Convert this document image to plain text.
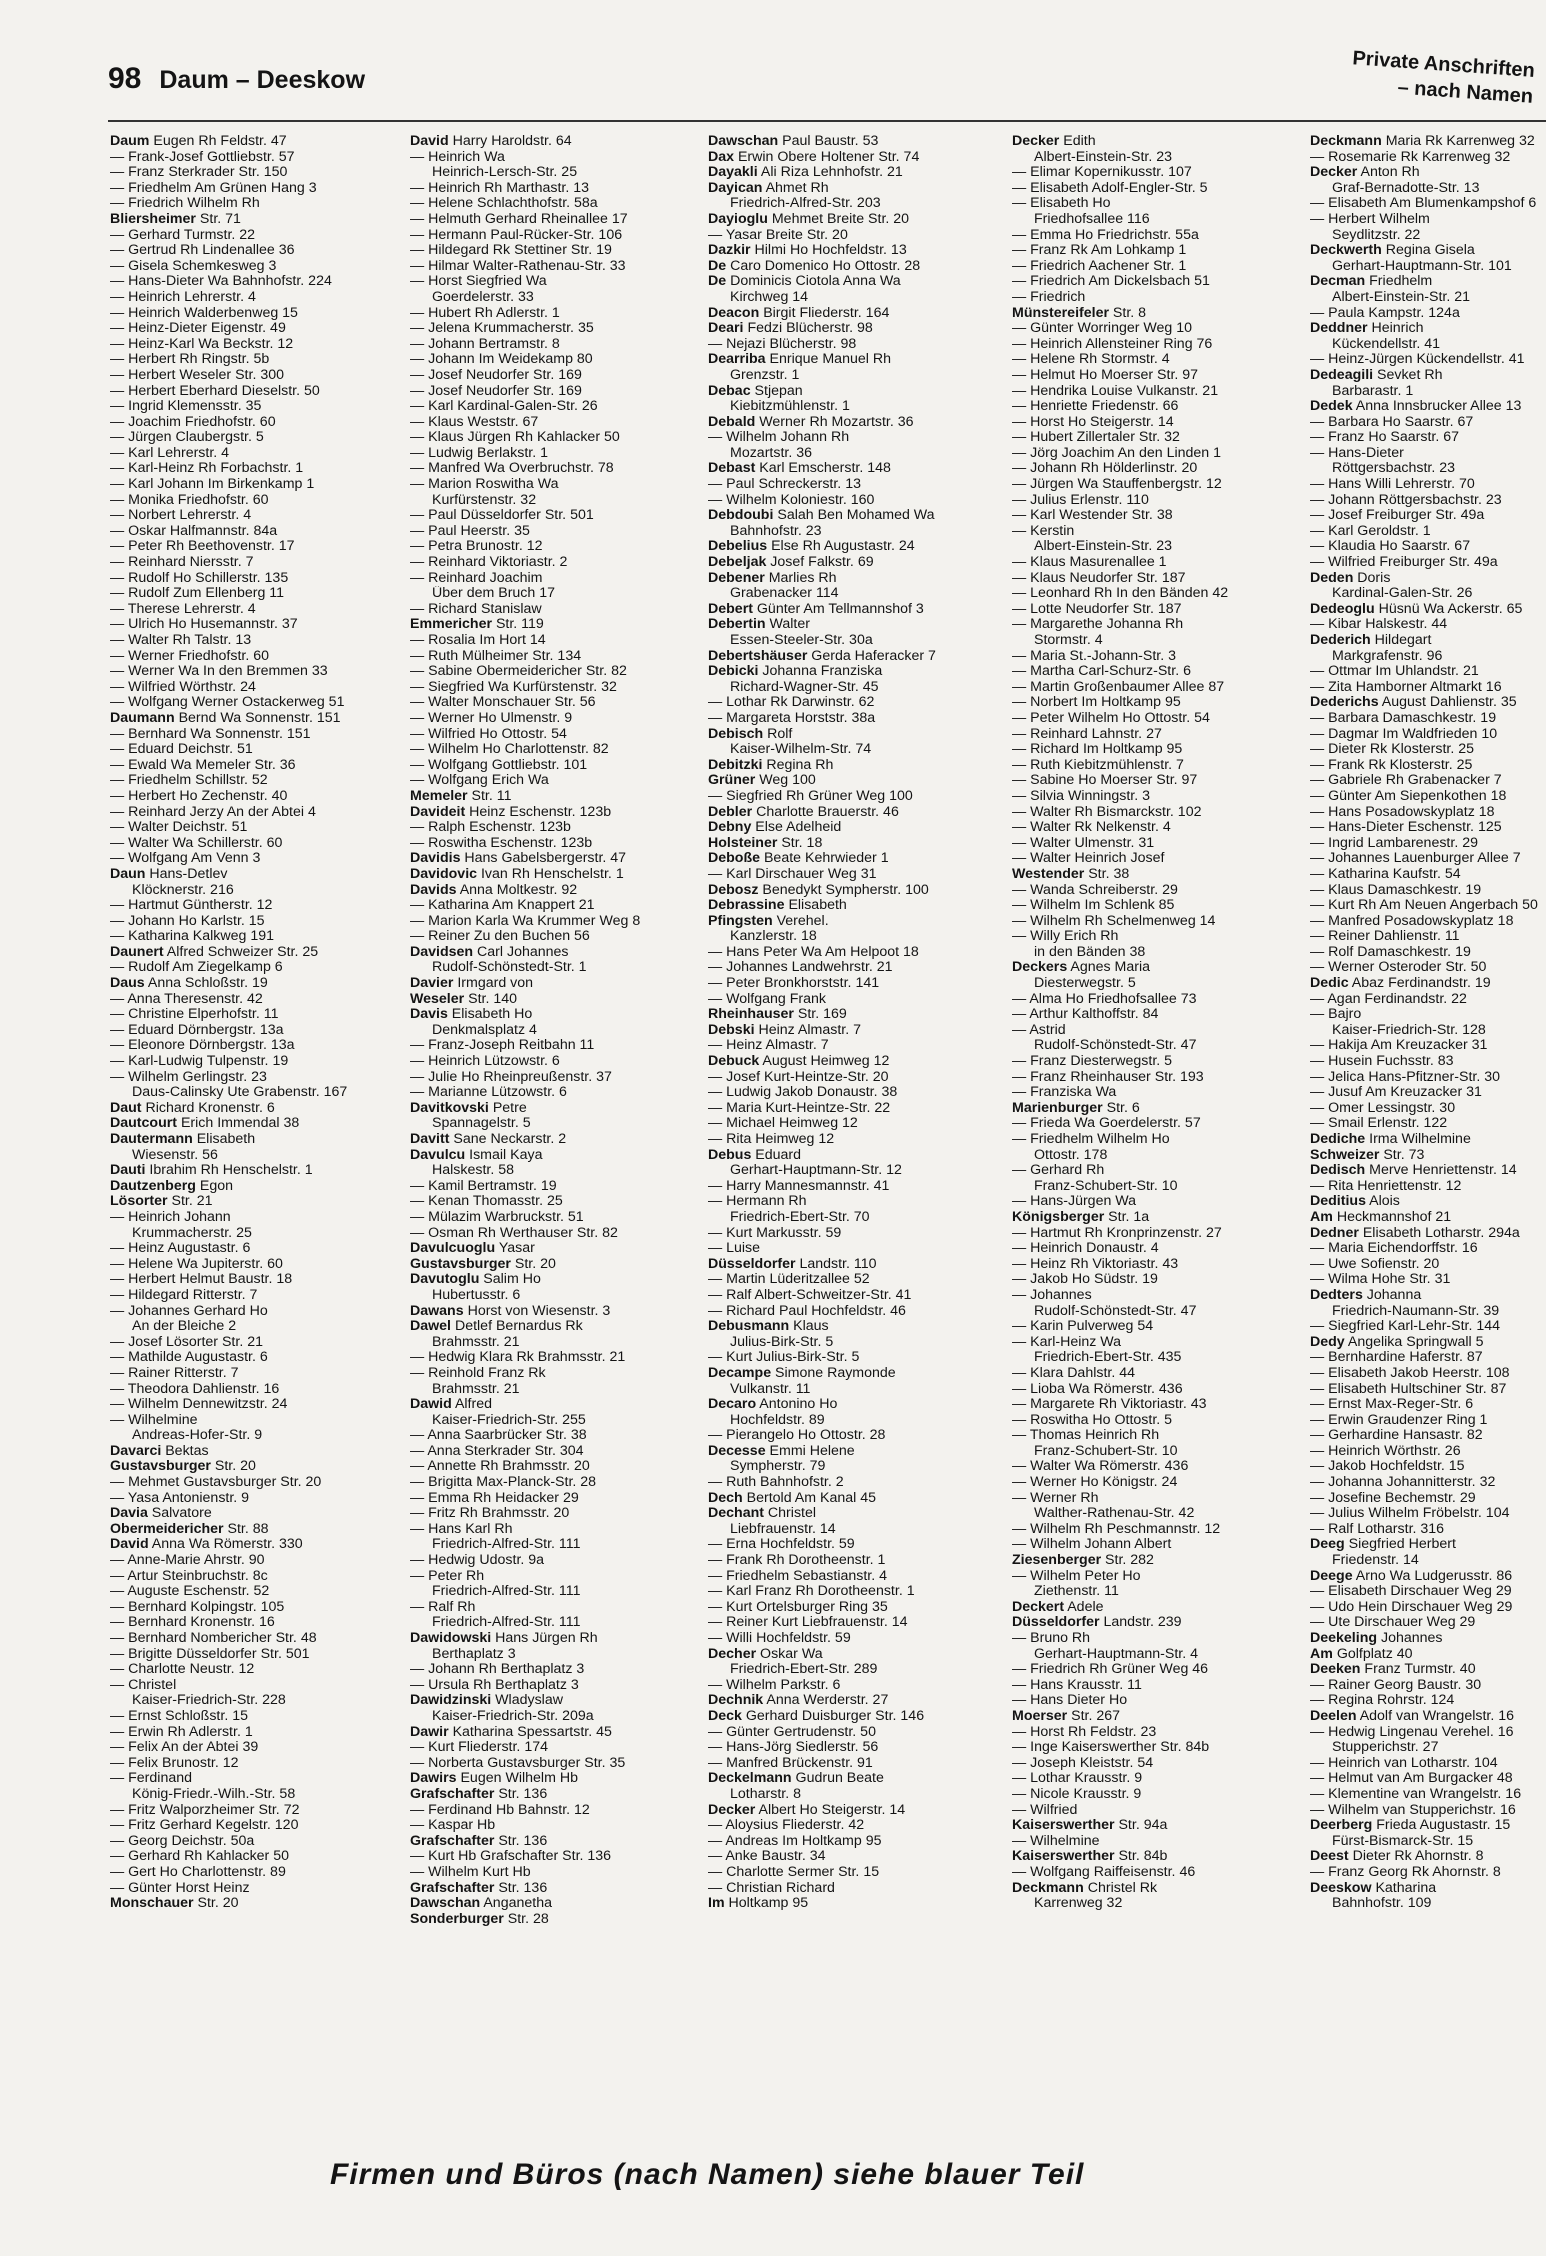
98 Daum – Deeskow	Private Anschriften
– nach Namen
Daum Eugen Rh Feldstr. 47
— Frank-Josef Gottliebstr. 57
— Franz Sterkrader Str. 150
— Friedhelm Am Grünen Hang 3
— Friedrich Wilhelm Rh
Bliersheimer Str. 71
— Gerhard Turmstr. 22
— Gertrud Rh Lindenallee 36
— Gisela Schemkesweg 3
— Hans-Dieter Wa Bahnhofstr. 224
— Heinrich Lehrerstr. 4
— Heinrich Walderbenweg 15
— Heinz-Dieter Eigenstr. 49
— Heinz-Karl Wa Beckstr. 12
— Herbert Rh Ringstr. 5b
— Herbert Weseler Str. 300
— Herbert Eberhard Dieselstr. 50
— Ingrid Klemensstr. 35
— Joachim Friedhofstr. 60
— Jürgen Claubergstr. 5
— Karl Lehrerstr. 4
— Karl-Heinz Rh Forbachstr. 1
— Karl Johann Im Birkenkamp 1
— Monika Friedhofstr. 60
— Norbert Lehrerstr. 4
— Oskar Halfmannstr. 84a
— Peter Rh Beethovenstr. 17
— Reinhard Niersstr. 7
— Rudolf Ho Schillerstr. 135
— Rudolf Zum Ellenberg 11
— Therese Lehrerstr. 4
— Ulrich Ho Husemannstr. 37
— Walter Rh Talstr. 13
— Werner Friedhofstr. 60
— Werner Wa In den Bremmen 33
— Wilfried Wörthstr. 24
— Wolfgang Werner Ostackerweg 51
Daumann Bernd Wa Sonnenstr. 151
— Bernhard Wa Sonnenstr. 151
— Eduard Deichstr. 51
— Ewald Wa Memeler Str. 36
— Friedhelm Schillstr. 52
— Herbert Ho Zechenstr. 40
— Reinhard Jerzy An der Abtei 4
— Walter Deichstr. 51
— Walter Wa Schillerstr. 60
— Wolfgang Am Venn 3
Daun Hans-Detlev
Klöcknerstr. 216
— Hartmut Güntherstr. 12
— Johann Ho Karlstr. 15
— Katharina Kalkweg 191
Daunert Alfred Schweizer Str. 25
— Rudolf Am Ziegelkamp 6
Daus Anna Schloßstr. 19
— Anna Theresenstr. 42
— Christine Elperhofstr. 11
— Eduard Dörnbergstr. 13a
— Eleonore Dörnbergstr. 13a
— Karl-Ludwig Tulpenstr. 19
— Wilhelm Gerlingstr. 23
Daus-Calinsky Ute Grabenstr. 167
Daut Richard Kronenstr. 6
Dautcourt Erich Immendal 38
Dautermann Elisabeth
Wiesenstr. 56
Dauti Ibrahim Rh Henschelstr. 1
Dautzenberg Egon
Lösorter Str. 21
— Heinrich Johann
Krummacherstr. 25
— Heinz Augustastr. 6
— Helene Wa Jupiterstr. 60
— Herbert Helmut Baustr. 18
— Hildegard Ritterstr. 7
— Johannes Gerhard Ho
An der Bleiche 2
— Josef Lösorter Str. 21
— Mathilde Augustastr. 6
— Rainer Ritterstr. 7
— Theodora Dahlienstr. 16
— Wilhelm Dennewitzstr. 24
— Wilhelmine
Andreas-Hofer-Str. 9
Davarci Bektas
Gustavsburger Str. 20
— Mehmet Gustavsburger Str. 20
— Yasa Antonienstr. 9
Davia Salvatore
Obermeidericher Str. 88
David Anna Wa Römerstr. 330
— Anne-Marie Ahrstr. 90
— Artur Steinbruchstr. 8c
— Auguste Eschenstr. 52
— Bernhard Kolpingstr. 105
— Bernhard Kronenstr. 16
— Bernhard Nombericher Str. 48
— Brigitte Düsseldorfer Str. 501
— Charlotte Neustr. 12
— Christel
Kaiser-Friedrich-Str. 228
— Ernst Schloßstr. 15
— Erwin Rh Adlerstr. 1
— Felix An der Abtei 39
— Felix Brunostr. 12
— Ferdinand
König-Friedr.-Wilh.-Str. 58
— Fritz Walporzheimer Str. 72
— Fritz Gerhard Kegelstr. 120
— Georg Deichstr. 50a
— Gerhard Rh Kahlacker 50
— Gert Ho Charlottenstr. 89
— Günter Horst Heinz
Monschauer Str. 20
David Harry Haroldstr. 64
— Heinrich Wa
Heinrich-Lersch-Str. 25
— Heinrich Rh Marthastr. 13
— Helene Schlachthofstr. 58a
— Helmuth Gerhard Rheinallee 17
— Hermann Paul-Rücker-Str. 106
— Hildegard Rk Stettiner Str. 19
— Hilmar Walter-Rathenau-Str. 33
— Horst Siegfried Wa
Goerdelerstr. 33
— Hubert Rh Adlerstr. 1
— Jelena Krummacherstr. 35
— Johann Bertramstr. 8
— Johann Im Weidekamp 80
— Josef Neudorfer Str. 169
— Josef Neudorfer Str. 169
— Karl Kardinal-Galen-Str. 26
— Klaus Weststr. 67
— Klaus Jürgen Rh Kahlacker 50
— Ludwig Berlakstr. 1
— Manfred Wa Overbruchstr. 78
— Marion Roswitha Wa
Kurfürstenstr. 32
— Paul Düsseldorfer Str. 501
— Paul Heerstr. 35
— Petra Brunostr. 12
— Reinhard Viktoriastr. 2
— Reinhard Joachim
Über dem Bruch 17
— Richard Stanislaw
Emmericher Str. 119
— Rosalia Im Hort 14
— Ruth Mülheimer Str. 134
— Sabine Obermeidericher Str. 82
— Siegfried Wa Kurfürstenstr. 32
— Walter Monschauer Str. 56
— Werner Ho Ulmenstr. 9
— Wilfried Ho Ottostr. 54
— Wilhelm Ho Charlottenstr. 82
— Wolfgang Gottliebstr. 101
— Wolfgang Erich Wa
Memeler Str. 11
Davideit Heinz Eschenstr. 123b
— Ralph Eschenstr. 123b
— Roswitha Eschenstr. 123b
Davidis Hans Gabelsbergerstr. 47
Davidovic Ivan Rh Henschelstr. 1
Davids Anna Moltkestr. 92
— Katharina Am Knappert 21
— Marion Karla Wa Krummer Weg 8
— Reiner Zu den Buchen 56
Davidsen Carl Johannes
Rudolf-Schönstedt-Str. 1
Davier Irmgard von
Weseler Str. 140
Davis Elisabeth Ho
Denkmalsplatz 4
— Franz-Joseph Reitbahn 11
— Heinrich Lützowstr. 6
— Julie Ho Rheinpreußenstr. 37
— Marianne Lützowstr. 6
Davitkovski Petre
Spannagelstr. 5
Davitt Sane Neckarstr. 2
Davulcu Ismail Kaya
Halskestr. 58
— Kamil Bertramstr. 19
— Kenan Thomasstr. 25
— Mülazim Warbruckstr. 51
— Osman Rh Werthauser Str. 82
Davulcuoglu Yasar
Gustavsburger Str. 20
Davutoglu Salim Ho
Hubertusstr. 6
Dawans Horst von Wiesenstr. 3
Dawel Detlef Bernardus Rk
Brahmsstr. 21
— Hedwig Klara Rk Brahmsstr. 21
— Reinhold Franz Rk
Brahmsstr. 21
Dawid Alfred
Kaiser-Friedrich-Str. 255
— Anna Saarbrücker Str. 38
— Anna Sterkrader Str. 304
— Annette Rh Brahmsstr. 20
— Brigitta Max-Planck-Str. 28
— Emma Rh Heidacker 29
— Fritz Rh Brahmsstr. 20
— Hans Karl Rh
Friedrich-Alfred-Str. 111
— Hedwig Udostr. 9a
— Peter Rh
Friedrich-Alfred-Str. 111
— Ralf Rh
Friedrich-Alfred-Str. 111
Dawidowski Hans Jürgen Rh
Berthaplatz 3
— Johann Rh Berthaplatz 3
— Ursula Rh Berthaplatz 3
Dawidzinski Wladyslaw
Kaiser-Friedrich-Str. 209a
Dawir Katharina Spessartstr. 45
— Kurt Fliederstr. 174
— Norberta Gustavsburger Str. 35
Dawirs Eugen Wilhelm Hb
Grafschafter Str. 136
— Ferdinand Hb Bahnstr. 12
— Kaspar Hb
Grafschafter Str. 136
— Kurt Hb Grafschafter Str. 136
— Wilhelm Kurt Hb
Grafschafter Str. 136
Dawschan Anganetha
Sonderburger Str. 28
Dawschan Paul Baustr. 53
Dax Erwin Obere Holtener Str. 74
Dayakli Ali Riza Lehnhofstr. 21
Dayican Ahmet Rh
Friedrich-Alfred-Str. 203
Dayioglu Mehmet Breite Str. 20
— Yasar Breite Str. 20
Dazkir Hilmi Ho Hochfeldstr. 13
De Caro Domenico Ho Ottostr. 28
De Dominicis Ciotola Anna Wa
Kirchweg 14
Deacon Birgit Fliederstr. 164
Deari Fedzi Blücherstr. 98
— Nejazi Blücherstr. 98
Dearriba Enrique Manuel Rh
Grenzstr. 1
Debac Stjepan
Kiebitzmühlenstr. 1
Debald Werner Rh Mozartstr. 36
— Wilhelm Johann Rh
Mozartstr. 36
Debast Karl Emscherstr. 148
— Paul Schreckerstr. 13
— Wilhelm Koloniestr. 160
Debdoubi Salah Ben Mohamed Wa
Bahnhofstr. 23
Debelius Else Rh Augustastr. 24
Debeljak Josef Falkstr. 69
Debener Marlies Rh
Grabenacker 114
Debert Günter Am Tellmannshof 3
Debertin Walter
Essen-Steeler-Str. 30a
Debertshäuser Gerda Haferacker 7
Debicki Johanna Franziska
Richard-Wagner-Str. 45
— Lothar Rk Darwinstr. 62
— Margareta Horststr. 38a
Debisch Rolf
Kaiser-Wilhelm-Str. 74
Debitzki Regina Rh
Grüner Weg 100
— Siegfried Rh Grüner Weg 100
Debler Charlotte Brauerstr. 46
Debny Else Adelheid
Holsteiner Str. 18
Deboße Beate Kehrwieder 1
— Karl Dirschauer Weg 31
Debosz Benedykt Sympherstr. 100
Debrassine Elisabeth
Pfingsten Verehel.
Kanzlerstr. 18
— Hans Peter Wa Am Helpoot 18
— Johannes Landwehrstr. 21
— Peter Bronkhorststr. 141
— Wolfgang Frank
Rheinhauser Str. 169
Debski Heinz Almastr. 7
— Heinz Almastr. 7
Debuck August Heimweg 12
— Josef Kurt-Heintze-Str. 20
— Ludwig Jakob Donaustr. 38
— Maria Kurt-Heintze-Str. 22
— Michael Heimweg 12
— Rita Heimweg 12
Debus Eduard
Gerhart-Hauptmann-Str. 12
— Harry Mannesmannstr. 41
— Hermann Rh
Friedrich-Ebert-Str. 70
— Kurt Markusstr. 59
— Luise
Düsseldorfer Landstr. 110
— Martin Lüderitzallee 52
— Ralf Albert-Schweitzer-Str. 41
— Richard Paul Hochfeldstr. 46
Debusmann Klaus
Julius-Birk-Str. 5
— Kurt Julius-Birk-Str. 5
Decampe Simone Raymonde
Vulkanstr. 11
Decaro Antonino Ho
Hochfeldstr. 89
— Pierangelo Ho Ottostr. 28
Decesse Emmi Helene
Sympherstr. 79
— Ruth Bahnhofstr. 2
Dech Bertold Am Kanal 45
Dechant Christel
Liebfrauenstr. 14
— Erna Hochfeldstr. 59
— Frank Rh Dorotheenstr. 1
— Friedhelm Sebastianstr. 4
— Karl Franz Rh Dorotheenstr. 1
— Kurt Ortelsburger Ring 35
— Reiner Kurt Liebfrauenstr. 14
— Willi Hochfeldstr. 59
Decher Oskar Wa
Friedrich-Ebert-Str. 289
— Wilhelm Parkstr. 6
Dechnik Anna Werderstr. 27
Deck Gerhard Duisburger Str. 146
— Günter Gertrudenstr. 50
— Hans-Jörg Siedlerstr. 56
— Manfred Brückenstr. 91
Deckelmann Gudrun Beate
Lotharstr. 8
Decker Albert Ho Steigerstr. 14
— Aloysius Fliederstr. 42
— Andreas Im Holtkamp 95
— Anke Baustr. 34
— Charlotte Sermer Str. 15
— Christian Richard
Im Holtkamp 95
Decker Edith
Albert-Einstein-Str. 23
— Elimar Kopernikusstr. 107
— Elisabeth Adolf-Engler-Str. 5
— Elisabeth Ho
Friedhofsallee 116
— Emma Ho Friedrichstr. 55a
— Franz Rk Am Lohkamp 1
— Friedrich Aachener Str. 1
— Friedrich Am Dickelsbach 51
— Friedrich
Münstereifeler Str. 8
— Günter Worringer Weg 10
— Heinrich Allensteiner Ring 76
— Helene Rh Stormstr. 4
— Helmut Ho Moerser Str. 97
— Hendrika Louise Vulkanstr. 21
— Henriette Friedenstr. 66
— Horst Ho Steigerstr. 14
— Hubert Zillertaler Str. 32
— Jörg Joachim An den Linden 1
— Johann Rh Hölderlinstr. 20
— Jürgen Wa Stauffenbergstr. 12
— Julius Erlenstr. 110
— Karl Westender Str. 38
— Kerstin
Albert-Einstein-Str. 23
— Klaus Masurenallee 1
— Klaus Neudorfer Str. 187
— Leonhard Rh In den Bänden 42
— Lotte Neudorfer Str. 187
— Margarethe Johanna Rh
Stormstr. 4
— Maria St.-Johann-Str. 3
— Martha Carl-Schurz-Str. 6
— Martin Großenbaumer Allee 87
— Norbert Im Holtkamp 95
— Peter Wilhelm Ho Ottostr. 54
— Reinhard Lahnstr. 27
— Richard Im Holtkamp 95
— Ruth Kiebitzmühlenstr. 7
— Sabine Ho Moerser Str. 97
— Silvia Winningstr. 3
— Walter Rh Bismarckstr. 102
— Walter Rk Nelkenstr. 4
— Walter Ulmenstr. 31
— Walter Heinrich Josef
Westender Str. 38
— Wanda Schreiberstr. 29
— Wilhelm Im Schlenk 85
— Wilhelm Rh Schelmenweg 14
— Willy Erich Rh
in den Bänden 38
Deckers Agnes Maria
Diesterwegstr. 5
— Alma Ho Friedhofsallee 73
— Arthur Kalthoffstr. 84
— Astrid
Rudolf-Schönstedt-Str. 47
— Franz Diesterwegstr. 5
— Franz Rheinhauser Str. 193
— Franziska Wa
Marienburger Str. 6
— Frieda Wa Goerdelerstr. 57
— Friedhelm Wilhelm Ho
Ottostr. 178
— Gerhard Rh
Franz-Schubert-Str. 10
— Hans-Jürgen Wa
Königsberger Str. 1a
— Hartmut Rh Kronprinzenstr. 27
— Heinrich Donaustr. 4
— Heinz Rh Viktoriastr. 43
— Jakob Ho Südstr. 19
— Johannes
Rudolf-Schönstedt-Str. 47
— Karin Pulverweg 54
— Karl-Heinz Wa
Friedrich-Ebert-Str. 435
— Klara Dahlstr. 44
— Lioba Wa Römerstr. 436
— Margarete Rh Viktoriastr. 43
— Roswitha Ho Ottostr. 5
— Thomas Heinrich Rh
Franz-Schubert-Str. 10
— Walter Wa Römerstr. 436
— Werner Ho Königstr. 24
— Werner Rh
Walther-Rathenau-Str. 42
— Wilhelm Rh Peschmannstr. 12
— Wilhelm Johann Albert
Ziesenberger Str. 282
— Wilhelm Peter Ho
Ziethenstr. 11
Deckert Adele
Düsseldorfer Landstr. 239
— Bruno Rh
Gerhart-Hauptmann-Str. 4
— Friedrich Rh Grüner Weg 46
— Hans Krausstr. 11
— Hans Dieter Ho
Moerser Str. 267
— Horst Rh Feldstr. 23
— Inge Kaiserswerther Str. 84b
— Joseph Kleiststr. 54
— Lothar Krausstr. 9
— Nicole Krausstr. 9
— Wilfried
Kaiserswerther Str. 94a
— Wilhelmine
Kaiserswerther Str. 84b
— Wolfgang Raiffeisenstr. 46
Deckmann Christel Rk
Karrenweg 32
Deckmann Maria Rk Karrenweg 32
— Rosemarie Rk Karrenweg 32
Decker Anton Rh
Graf-Bernadotte-Str. 13
— Elisabeth Am Blumenkampshof 6
— Herbert Wilhelm
Seydlitzstr. 22
Deckwerth Regina Gisela
Gerhart-Hauptmann-Str. 101
Decman Friedhelm
Albert-Einstein-Str. 21
— Paula Kampstr. 124a
Deddner Heinrich
Kückendellstr. 41
— Heinz-Jürgen Kückendellstr. 41
Dedeagili Sevket Rh
Barbarastr. 1
Dedek Anna Innsbrucker Allee 13
— Barbara Ho Saarstr. 67
— Franz Ho Saarstr. 67
— Hans-Dieter
Röttgersbachstr. 23
— Hans Willi Lehrerstr. 70
— Johann Röttgersbachstr. 23
— Josef Freiburger Str. 49a
— Karl Geroldstr. 1
— Klaudia Ho Saarstr. 67
— Wilfried Freiburger Str. 49a
Deden Doris
Kardinal-Galen-Str. 26
Dedeoglu Hüsnü Wa Ackerstr. 65
— Kibar Halskestr. 44
Dederich Hildegart
Markgrafenstr. 96
— Ottmar Im Uhlandstr. 21
— Zita Hamborner Altmarkt 16
Dederichs August Dahlienstr. 35
— Barbara Damaschkestr. 19
— Dagmar Im Waldfrieden 10
— Dieter Rk Klosterstr. 25
— Frank Rk Klosterstr. 25
— Gabriele Rh Grabenacker 7
— Günter Am Siepenkothen 18
— Hans Posadowskyplatz 18
— Hans-Dieter Eschenstr. 125
— Ingrid Lambarenestr. 29
— Johannes Lauenburger Allee 7
— Katharina Kaufstr. 54
— Klaus Damaschkestr. 19
— Kurt Rh Am Neuen Angerbach 50
— Manfred Posadowskyplatz 18
— Reiner Dahlienstr. 11
— Rolf Damaschkestr. 19
— Werner Osteroder Str. 50
Dedic Abaz Ferdinandstr. 19
— Agan Ferdinandstr. 22
— Bajro
Kaiser-Friedrich-Str. 128
— Hakija Am Kreuzacker 31
— Husein Fuchsstr. 83
— Jelica Hans-Pfitzner-Str. 30
— Jusuf Am Kreuzacker 31
— Omer Lessingstr. 30
— Smail Erlenstr. 122
Dediche Irma Wilhelmine
Schweizer Str. 73
Dedisch Merve Henriettenstr. 14
— Rita Henriettenstr. 12
Deditius Alois
Am Heckmannshof 21
Dedner Elisabeth Lotharstr. 294a
— Maria Eichendorffstr. 16
— Uwe Sofienstr. 20
— Wilma Hohe Str. 31
Dedters Johanna
Friedrich-Naumann-Str. 39
— Siegfried Karl-Lehr-Str. 144
Dedy Angelika Springwall 5
— Bernhardine Haferstr. 87
— Elisabeth Jakob Heerstr. 108
— Elisabeth Hultschiner Str. 87
— Ernst Max-Reger-Str. 6
— Erwin Graudenzer Ring 1
— Gerhardine Hansastr. 82
— Heinrich Wörthstr. 26
— Jakob Hochfeldstr. 15
— Johanna Johannitterstr. 32
— Josefine Bechemstr. 29
— Julius Wilhelm Fröbelstr. 104
— Ralf Lotharstr. 316
Deeg Siegfried Herbert
Friedenstr. 14
Deege Arno Wa Ludgerusstr. 86
— Elisabeth Dirschauer Weg 29
— Udo Hein Dirschauer Weg 29
— Ute Dirschauer Weg 29
Deekeling Johannes
Am Golfplatz 40
Deeken Franz Turmstr. 40
— Rainer Georg Baustr. 30
— Regina Rohrstr. 124
Deelen Adolf van Wrangelstr. 16
— Hedwig Lingenau Verehel. 16
Stupperichstr. 27
— Heinrich van Lotharstr. 104
— Helmut van Am Burgacker 48
— Klementine van Wrangelstr. 16
— Wilhelm van Stupperichstr. 16
Deerberg Frieda Augustastr. 15
Fürst-Bismarck-Str. 15
Deest Dieter Rk Ahornstr. 8
— Franz Georg Rk Ahornstr. 8
Deeskow Katharina
Bahnhofstr. 109
Firmen und Büros (nach Namen) siehe blauer Teil
